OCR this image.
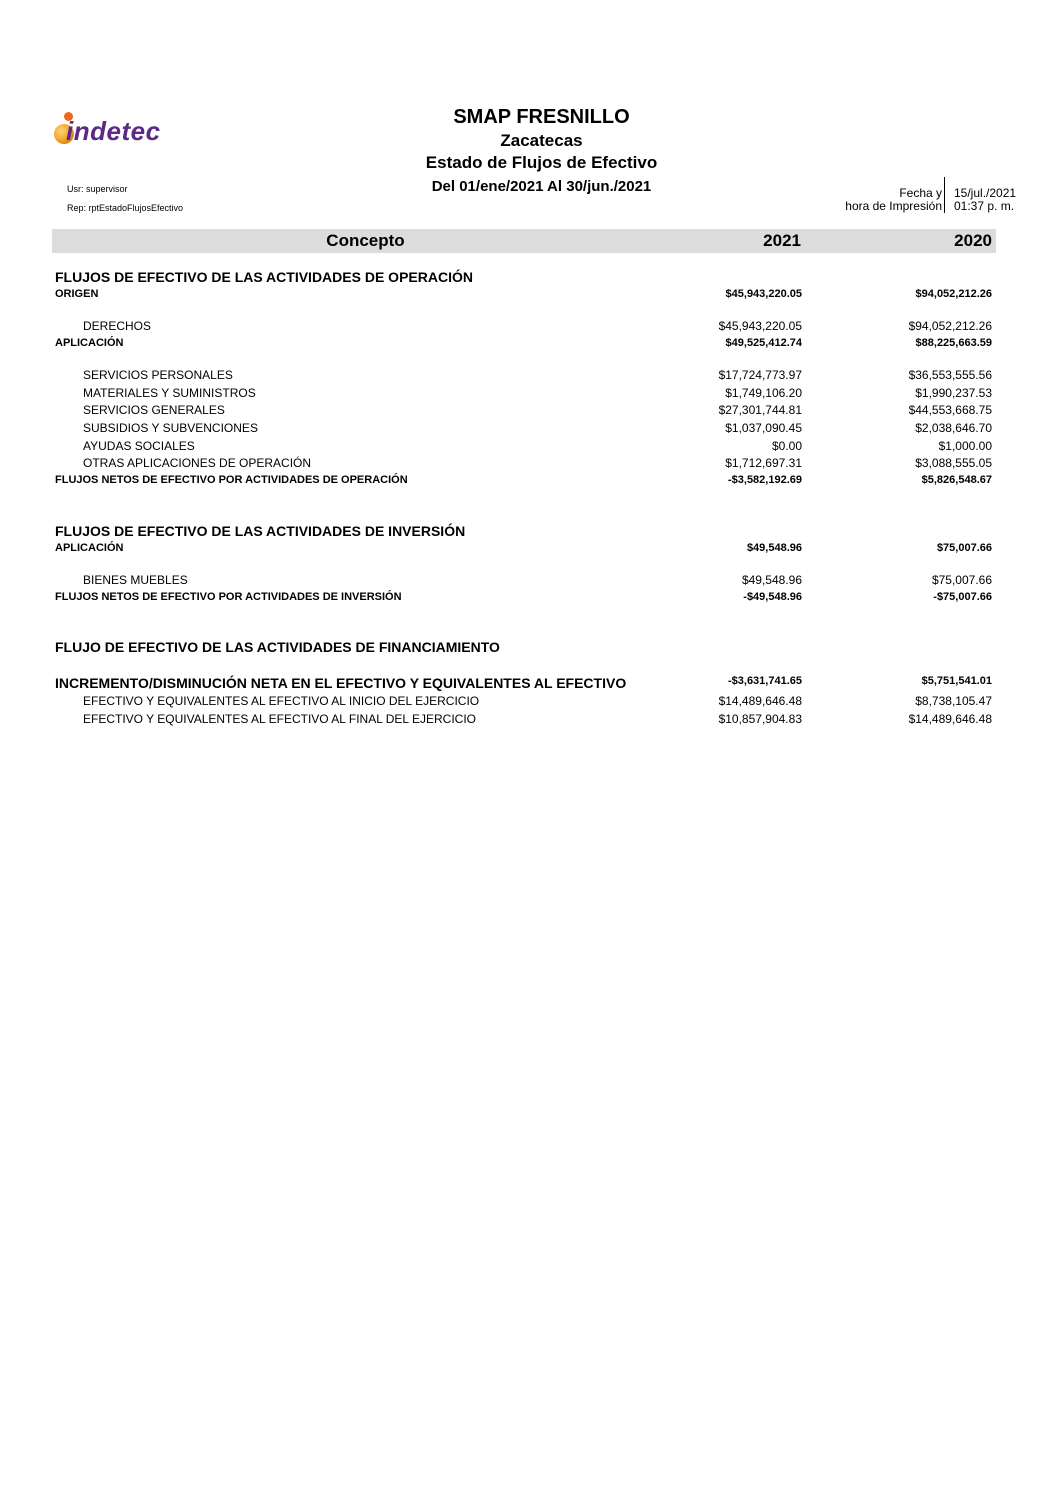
indetec	SMAP FRESNILLO
Zacatecas
Estado de Flujos de Efectivo
Del 01/ene/2021 Al 30/jun./2021
Usr: supervisor
Rep: rptEstadoFlujosEfectivo
Fecha y
hora de Impresión
15/jul./2021
01:37 p. m.
Concepto	2021	2020
FLUJOS DE EFECTIVO DE LAS ACTIVIDADES DE OPERACIÓN
ORIGEN	$45,943,220.05	$94,052,212.26
DERECHOS	$45,943,220.05	$94,052,212.26
APLICACIÓN	$49,525,412.74	$88,225,663.59
SERVICIOS PERSONALES	$17,724,773.97	$36,553,555.56
MATERIALES Y SUMINISTROS	$1,749,106.20	$1,990,237.53
SERVICIOS GENERALES	$27,301,744.81	$44,553,668.75
SUBSIDIOS Y SUBVENCIONES	$1,037,090.45	$2,038,646.70
AYUDAS SOCIALES	$0.00	$1,000.00
OTRAS APLICACIONES DE OPERACIÓN	$1,712,697.31	$3,088,555.05
FLUJOS NETOS DE EFECTIVO POR ACTIVIDADES DE OPERACIÓN	-$3,582,192.69	$5,826,548.67
FLUJOS DE EFECTIVO DE LAS ACTIVIDADES DE INVERSIÓN
APLICACIÓN	$49,548.96	$75,007.66
BIENES MUEBLES	$49,548.96	$75,007.66
FLUJOS NETOS DE EFECTIVO POR ACTIVIDADES DE INVERSIÓN	-$49,548.96	-$75,007.66
FLUJO DE EFECTIVO DE LAS ACTIVIDADES DE FINANCIAMIENTO
INCREMENTO/DISMINUCIÓN NETA EN EL EFECTIVO Y EQUIVALENTES AL EFECTIVO	-$3,631,741.65	$5,751,541.01
EFECTIVO Y EQUIVALENTES AL EFECTIVO AL INICIO DEL EJERCICIO	$14,489,646.48	$8,738,105.47
EFECTIVO Y EQUIVALENTES AL EFECTIVO AL FINAL DEL EJERCICIO	$10,857,904.83	$14,489,646.48
